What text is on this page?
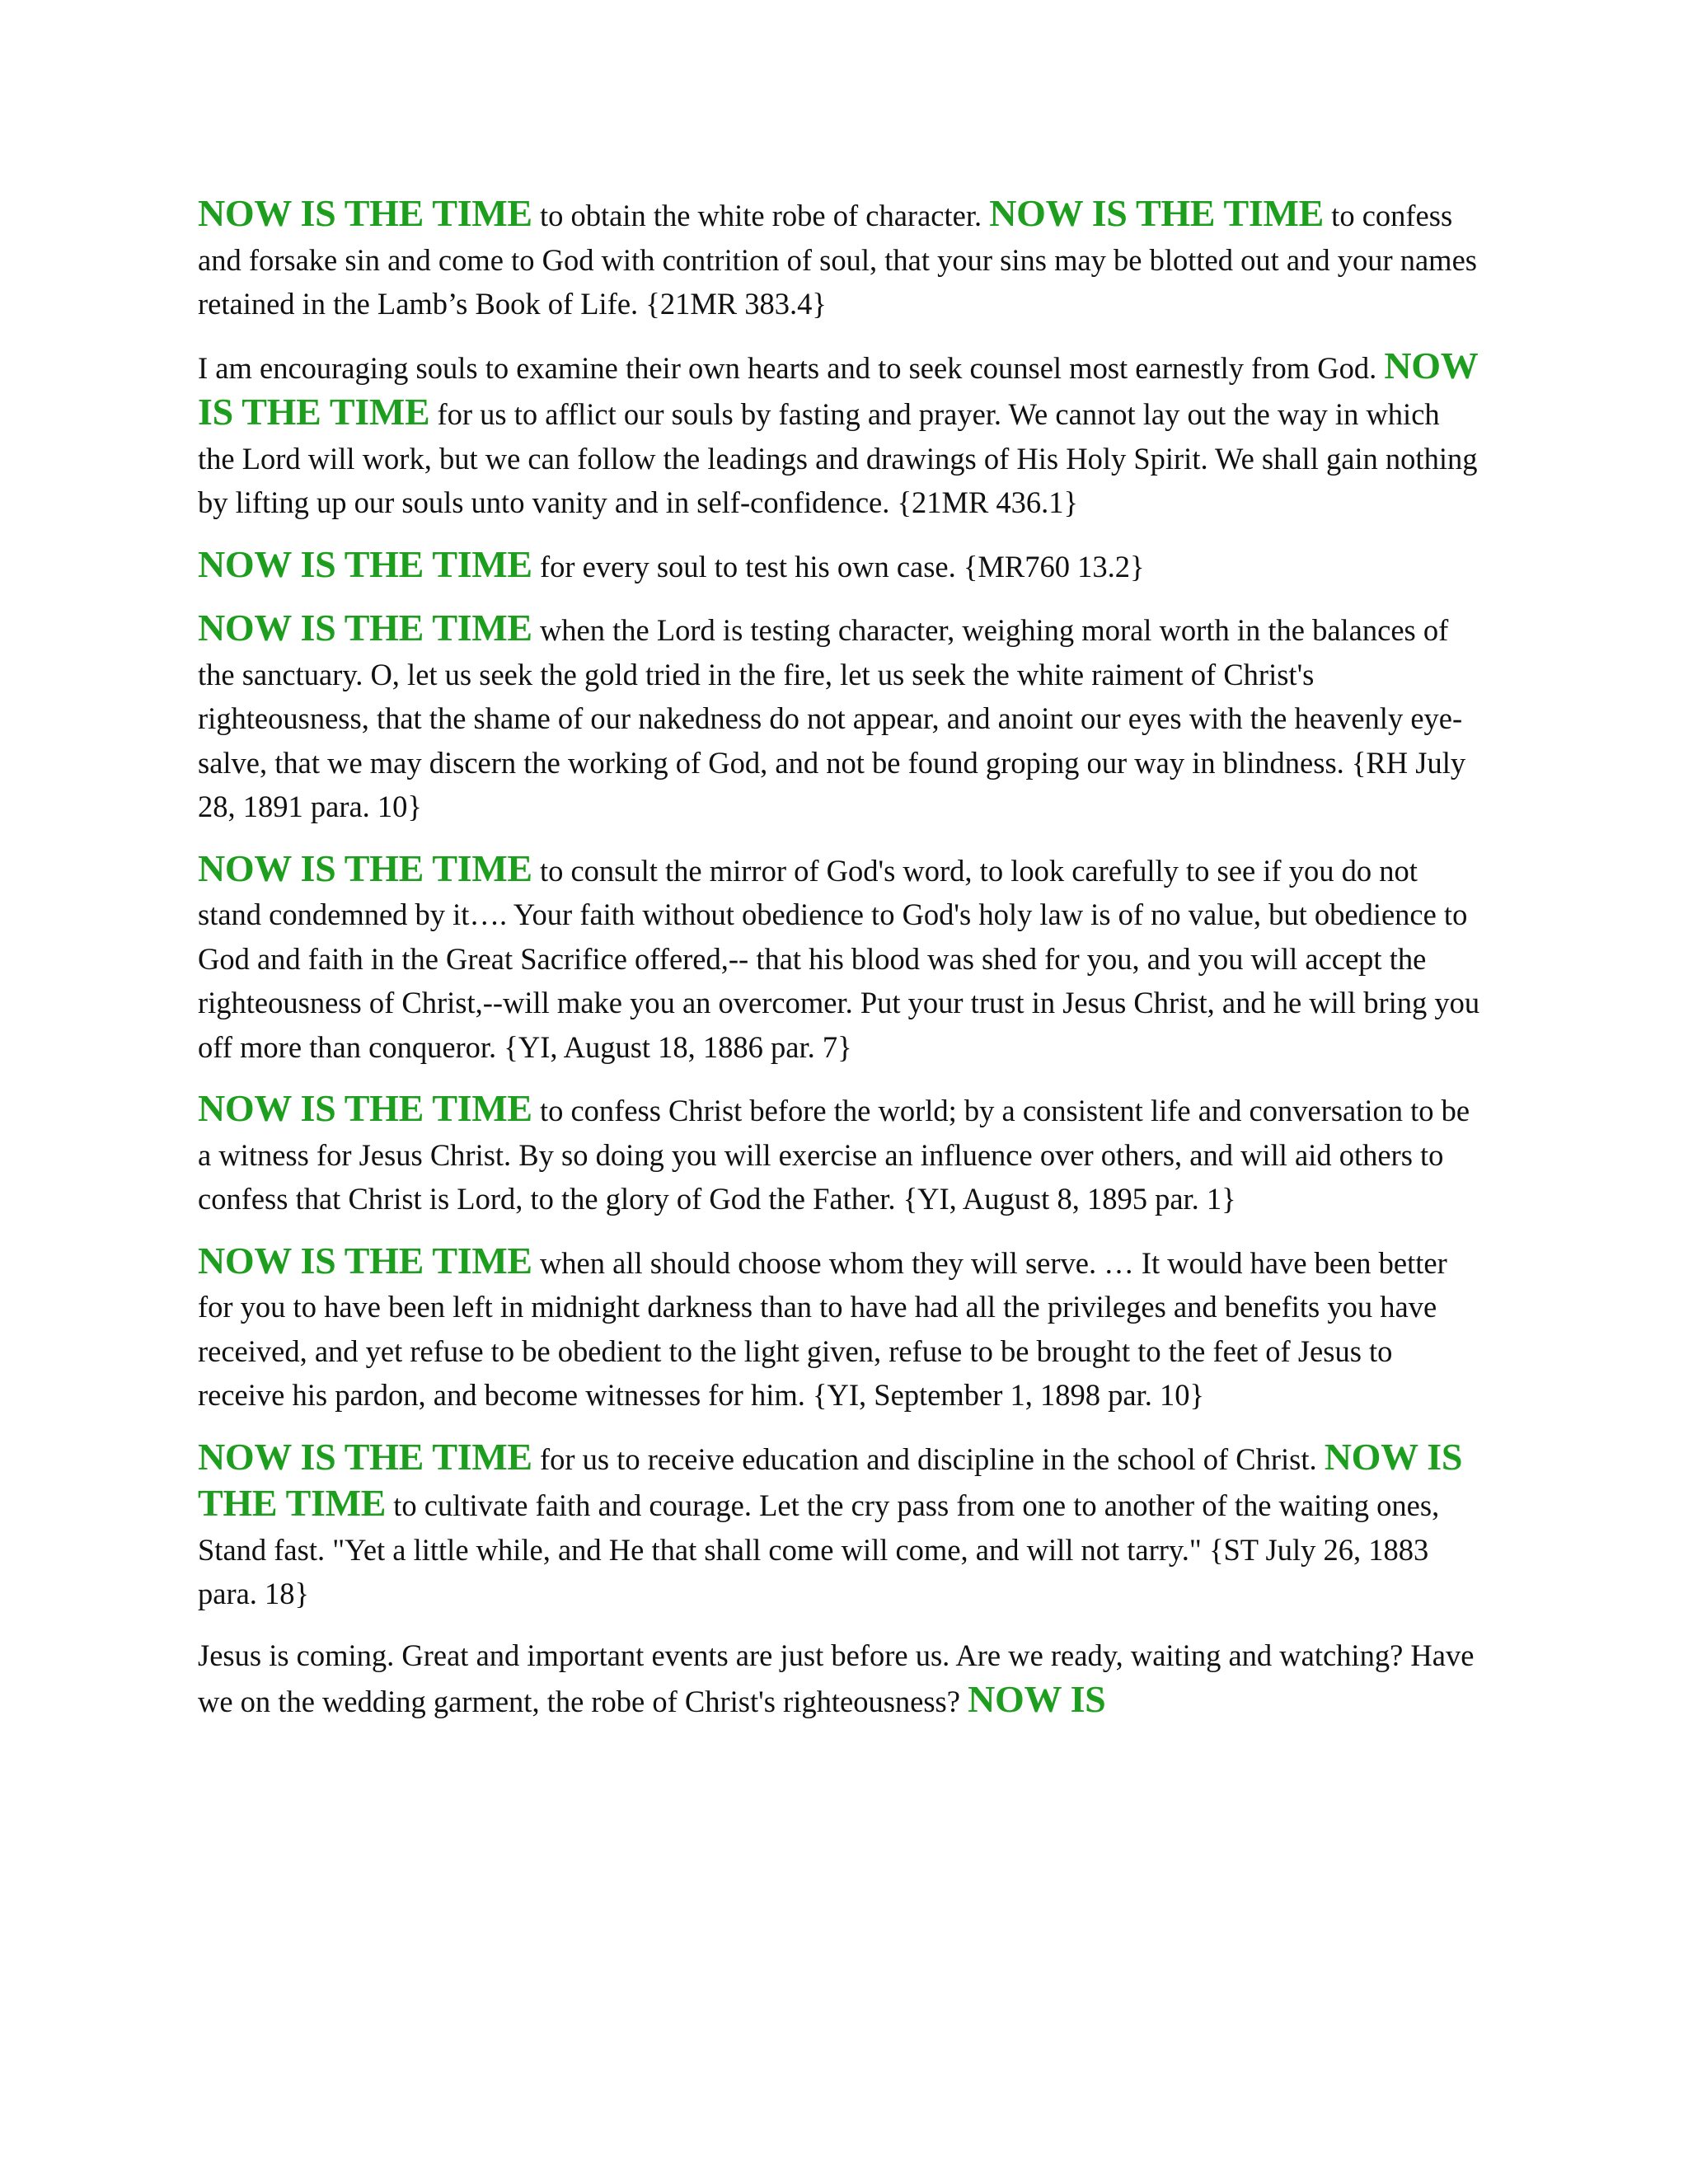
NOW IS THE TIME to obtain the white robe of character. NOW IS THE TIME to confess and forsake sin and come to God with contrition of soul, that your sins may be blotted out and your names retained in the Lamb’s Book of Life. {21MR 383.4}

I am encouraging souls to examine their own hearts and to seek counsel most earnestly from God. NOW IS THE TIME for us to afflict our souls by fasting and prayer. We cannot lay out the way in which the Lord will work, but we can follow the leadings and drawings of His Holy Spirit. We shall gain nothing by lifting up our souls unto vanity and in self-confidence. {21MR 436.1}

NOW IS THE TIME for every soul to test his own case. {MR760 13.2}

NOW IS THE TIME when the Lord is testing character, weighing moral worth in the balances of the sanctuary. O, let us seek the gold tried in the fire, let us seek the white raiment of Christ's righteousness, that the shame of our nakedness do not appear, and anoint our eyes with the heavenly eye-salve, that we may discern the working of God, and not be found groping our way in blindness. {RH July 28, 1891 para. 10}

NOW IS THE TIME to consult the mirror of God's word, to look carefully to see if you do not stand condemned by it…. Your faith without obedience to God's holy law is of no value, but obedience to God and faith in the Great Sacrifice offered,-- that his blood was shed for you, and you will accept the righteousness of Christ,--will make you an overcomer. Put your trust in Jesus Christ, and he will bring you off more than conqueror. {YI, August 18, 1886 par. 7}

NOW IS THE TIME to confess Christ before the world; by a consistent life and conversation to be a witness for Jesus Christ. By so doing you will exercise an influence over others, and will aid others to confess that Christ is Lord, to the glory of God the Father. {YI, August 8, 1895 par. 1}

NOW IS THE TIME when all should choose whom they will serve. … It would have been better for you to have been left in midnight darkness than to have had all the privileges and benefits you have received, and yet refuse to be obedient to the light given, refuse to be brought to the feet of Jesus to receive his pardon, and become witnesses for him. {YI, September 1, 1898 par. 10}

NOW IS THE TIME for us to receive education and discipline in the school of Christ. NOW IS THE TIME to cultivate faith and courage. Let the cry pass from one to another of the waiting ones, Stand fast. "Yet a little while, and He that shall come will come, and will not tarry." {ST July 26, 1883 para. 18}

Jesus is coming. Great and important events are just before us. Are we ready, waiting and watching? Have we on the wedding garment, the robe of Christ's righteousness? NOW IS
